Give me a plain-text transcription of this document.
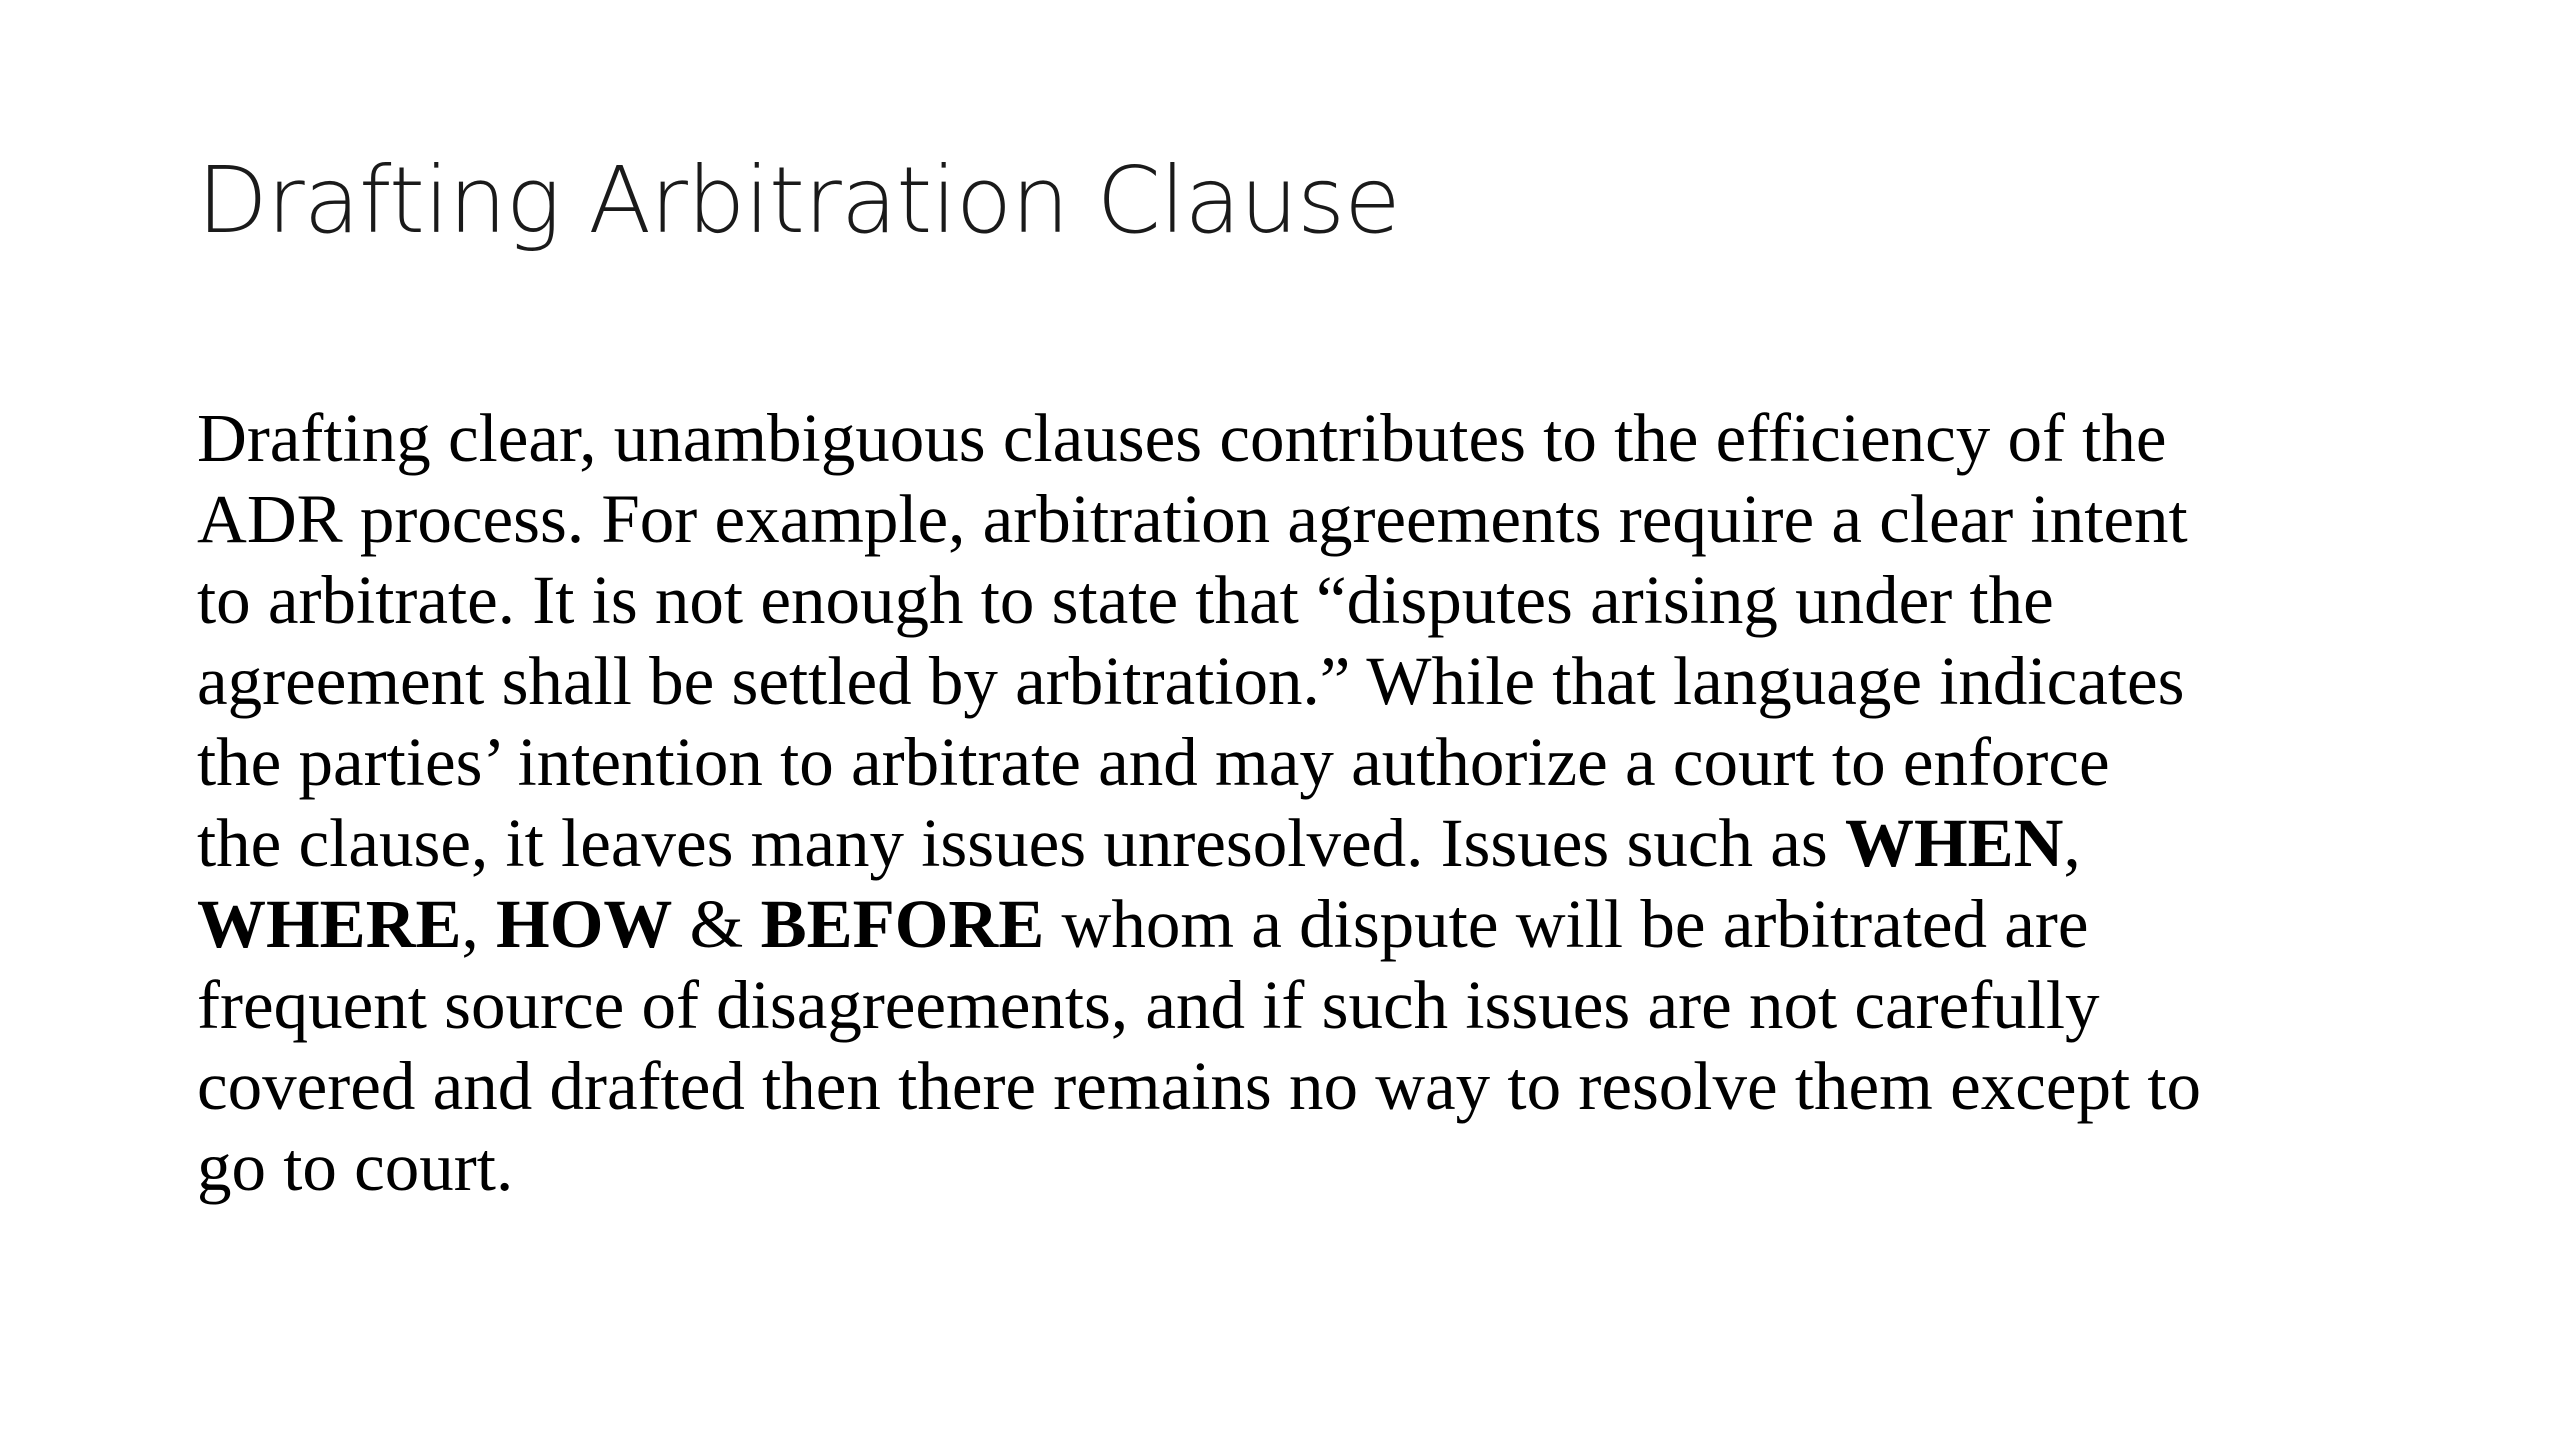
Drafting Arbitration Clause
Drafting clear, unambiguous clauses contributes to the efficiency of the
ADR process. For example, arbitration agreements require a clear intent
to arbitrate. It is not enough to state that “disputes arising under the
agreement shall be settled by arbitration.” While that language indicates
the parties’ intention to arbitrate and may authorize a court to enforce
the clause, it leaves many issues unresolved. Issues such as WHEN,
WHERE, HOW & BEFORE whom a dispute will be arbitrated are
frequent source of disagreements, and if such issues are not carefully
covered and drafted then there remains no way to resolve them except to
go to court.
